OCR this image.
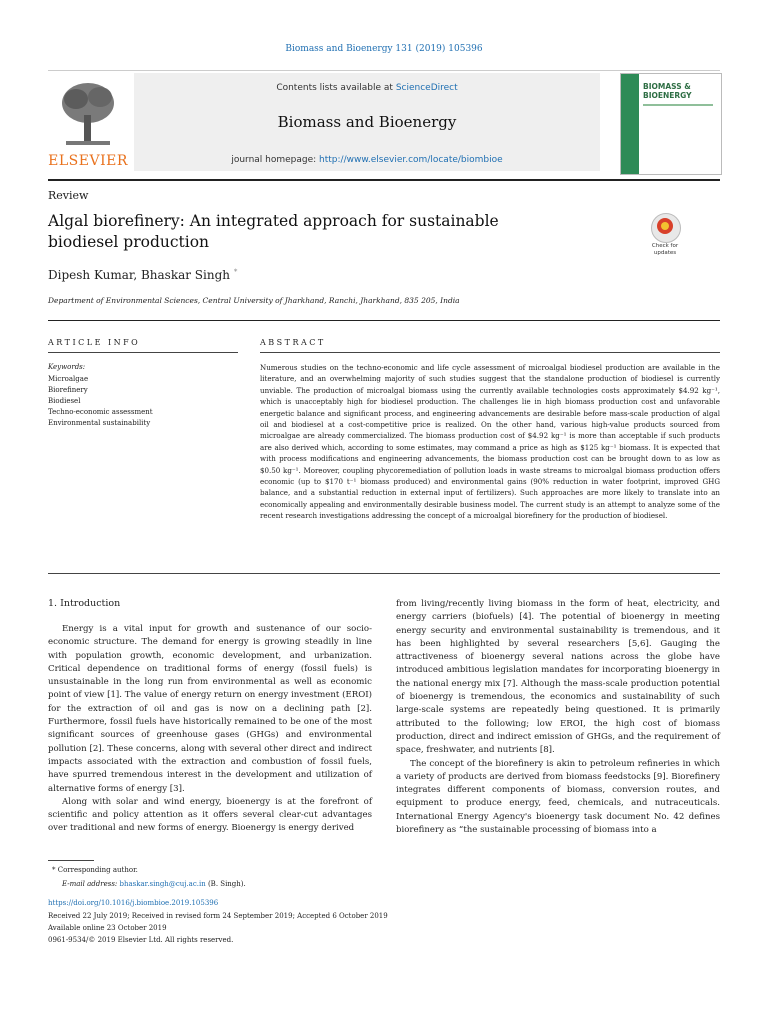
Biomass and Bioenergy 131 (2019) 105396
ELSEVIER
Contents lists available at ScienceDirect
Biomass and Bioenergy
journal homepage: http://www.elsevier.com/locate/biombioe
BIOMASS &
BIOENERGY
Review
Algal biorefinery: An integrated approach for sustainable biodiesel production	Check for
updates
Dipesh Kumar, Bhaskar Singh *
Department of Environmental Sciences, Central University of Jharkhand, Ranchi, Jharkhand, 835 205, India
ARTICLE INFO	ABSTRACT
Keywords:
Microalgae
Biorefinery
Biodiesel
Techno-economic assessment
Environmental sustainability
Numerous studies on the techno-economic and life cycle assessment of microalgal biodiesel production are available in the literature, and an overwhelming majority of such studies suggest that the standalone production of biodiesel is currently unviable. The production of microalgal biomass using the currently available technologies costs approximately $4.92 kg⁻¹, which is unacceptably high for biodiesel production. The challenges lie in high biomass production cost and unfavorable energetic balance and significant process, and engineering advancements are desirable before mass-scale production of algal oil and biodiesel at a cost-competitive price is realized. On the other hand, various high-value products sourced from microalgae are already commercialized. The biomass production cost of $4.92 kg⁻¹ is more than acceptable if such products are also derived which, according to some estimates, may command a price as high as $125 kg⁻¹ biomass. It is expected that with process modifications and engineering advancements, the biomass production cost can be brought down to as low as $0.50 kg⁻¹. Moreover, coupling phycoremediation of pollution loads in waste streams to microalgal biomass production offers economic (up to $170 t⁻¹ biomass produced) and environmental gains (90% reduction in water footprint, improved GHG balance, and a substantial reduction in external input of fertilizers). Such approaches are more likely to translate into an economically appealing and environmentally desirable business model. The current study is an attempt to analyze some of the recent research investigations addressing the concept of a microalgal biorefinery for the production of biodiesel.
1. Introduction

Energy is a vital input for growth and sustenance of our socio-economic structure. The demand for energy is growing steadily in line with population growth, economic development, and urbanization. Critical dependence on traditional forms of energy (fossil fuels) is unsustainable in the long run from environmental as well as economic point of view [1]. The value of energy return on energy investment (EROI) for the extraction of oil and gas is now on a declining path [2]. Furthermore, fossil fuels have historically remained to be one of the most significant sources of greenhouse gases (GHGs) and environmental pollution [2]. These concerns, along with several other direct and indirect impacts associated with the extraction and combustion of fossil fuels, have spurred tremendous interest in the development and utilization of alternative forms of energy [3].

Along with solar and wind energy, bioenergy is at the forefront of scientific and policy attention as it offers several clear-cut advantages over traditional and new forms of energy. Bioenergy is energy derived

from living/recently living biomass in the form of heat, electricity, and energy carriers (biofuels) [4]. The potential of bioenergy in meeting energy security and environmental sustainability is tremendous, and it has been highlighted by several researchers [5,6]. Gauging the attractiveness of bioenergy several nations across the globe have introduced ambitious legislation mandates for incorporating bioenergy in the national energy mix [7]. Although the mass-scale production potential of bioenergy is tremendous, the economics and sustainability of such large-scale systems are repeatedly being questioned. It is primarily attributed to the following; low EROI, the high cost of biomass production, direct and indirect emission of GHGs, and the requirement of space, freshwater, and nutrients [8].

The concept of the biorefinery is akin to petroleum refineries in which a variety of products are derived from biomass feedstocks [9]. Biorefinery integrates different components of biomass, conversion routes, and equipment to produce energy, feed, chemicals, and nutraceuticals. International Energy Agency's bioenergy task document No. 42 defines biorefinery as “the sustainable processing of biomass into a

* Corresponding author.
E-mail address: bhaskar.singh@cuj.ac.in (B. Singh).
https://doi.org/10.1016/j.biombioe.2019.105396
Received 22 July 2019; Received in revised form 24 September 2019; Accepted 6 October 2019
Available online 23 October 2019
0961-9534/© 2019 Elsevier Ltd. All rights reserved.
